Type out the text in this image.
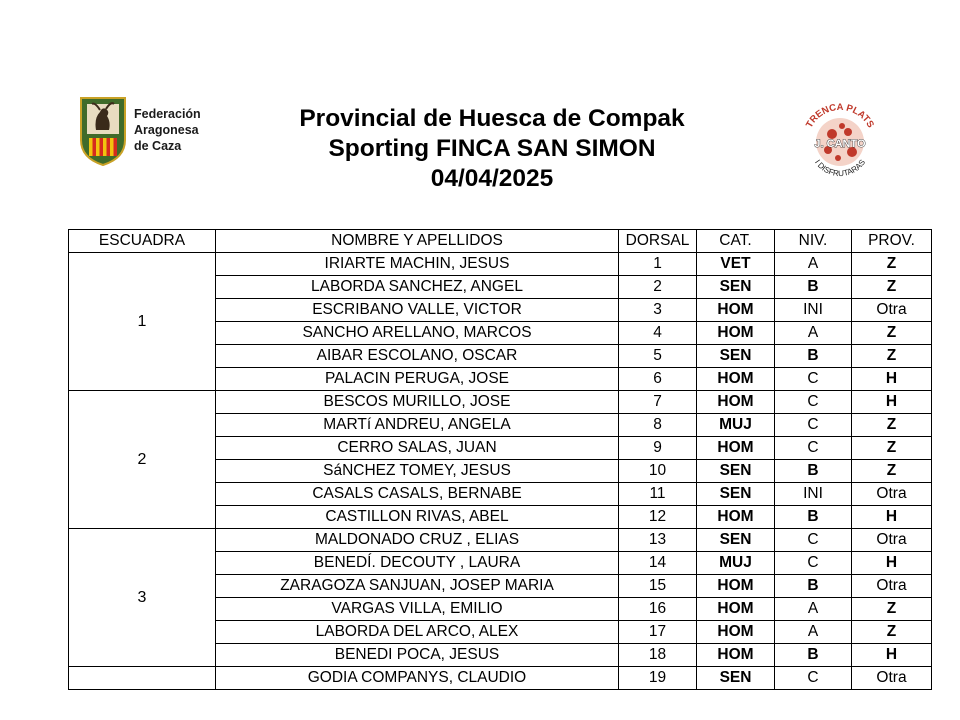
Federación
Aragonesa
de Caza
Provincial de Huesca de Compak
Sporting FINCA SAN SIMON
04/04/2025
TRENCA PLATS
J. CANTO
I DISFRUTARAS
ESCUADRA	NOMBRE Y APELLIDOS	DORSAL	CAT.	NIV.	PROV.
1	IRIARTE MACHIN, JESUS	1	VET	A	Z
	LABORDA SANCHEZ, ANGEL	2	SEN	B	Z
	ESCRIBANO VALLE, VICTOR	3	HOM	INI	Otra
	SANCHO ARELLANO, MARCOS	4	HOM	A	Z
	AIBAR ESCOLANO, OSCAR	5	SEN	B	Z
	PALACIN PERUGA, JOSE	6	HOM	C	H
2	BESCOS MURILLO, JOSE	7	HOM	C	H
	MARTí ANDREU, ANGELA	8	MUJ	C	Z
	CERRO SALAS, JUAN	9	HOM	C	Z
	SáNCHEZ TOMEY, JESUS	10	SEN	B	Z
	CASALS CASALS, BERNABE	11	SEN	INI	Otra
	CASTILLON RIVAS, ABEL	12	HOM	B	H
3	MALDONADO CRUZ , ELIAS	13	SEN	C	Otra
	BENEDÍ. DECOUTY , LAURA	14	MUJ	C	H
	ZARAGOZA SANJUAN, JOSEP MARIA	15	HOM	B	Otra
	VARGAS VILLA, EMILIO	16	HOM	A	Z
	LABORDA DEL ARCO, ALEX	17	HOM	A	Z
	BENEDI POCA, JESUS	18	HOM	B	H
	GODIA COMPANYS, CLAUDIO	19	SEN	C	Otra
